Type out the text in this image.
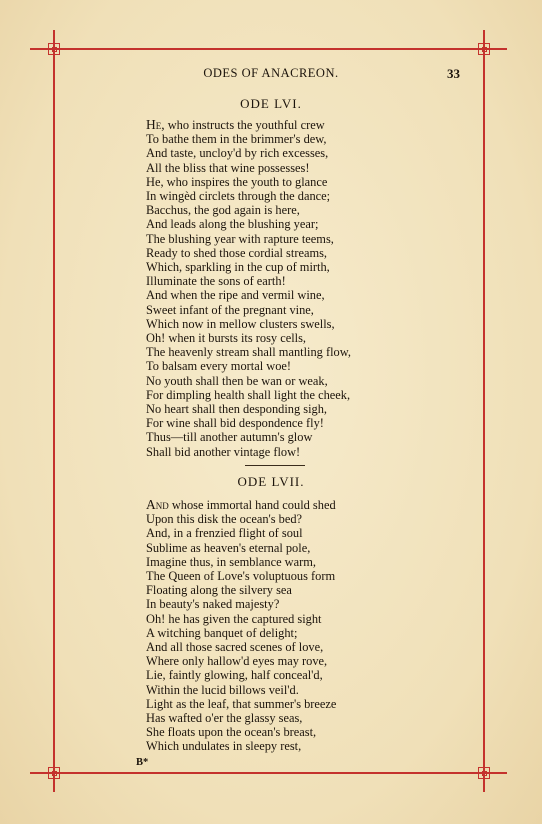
ODES OF ANACREON.	33
ODE LVI.
He, who instructs the youthful crew
To bathe them in the brimmer's dew,
And taste, uncloy'd by rich excesses,
All the bliss that wine possesses!
He, who inspires the youth to glance
In wingèd circlets through the dance;
Bacchus, the god again is here,
And leads along the blushing year;
The blushing year with rapture teems,
Ready to shed those cordial streams,
Which, sparkling in the cup of mirth,
Illuminate the sons of earth!
And when the ripe and vermil wine,
Sweet infant of the pregnant vine,
Which now in mellow clusters swells,
Oh! when it bursts its rosy cells,
The heavenly stream shall mantling flow,
To balsam every mortal woe!
No youth shall then be wan or weak,
For dimpling health shall light the cheek,
No heart shall then desponding sigh,
For wine shall bid despondence fly!
Thus—till another autumn's glow
Shall bid another vintage flow!
ODE LVII.
And whose immortal hand could shed
Upon this disk the ocean's bed?
And, in a frenzied flight of soul
Sublime as heaven's eternal pole,
Imagine thus, in semblance warm,
The Queen of Love's voluptuous form
Floating along the silvery sea
In beauty's naked majesty?
Oh! he has given the captured sight
A witching banquet of delight;
And all those sacred scenes of love,
Where only hallow'd eyes may rove,
Lie, faintly glowing, half conceal'd,
Within the lucid billows veil'd.
Light as the leaf, that summer's breeze
Has wafted o'er the glassy seas,
She floats upon the ocean's breast,
Which undulates in sleepy rest,
B*
